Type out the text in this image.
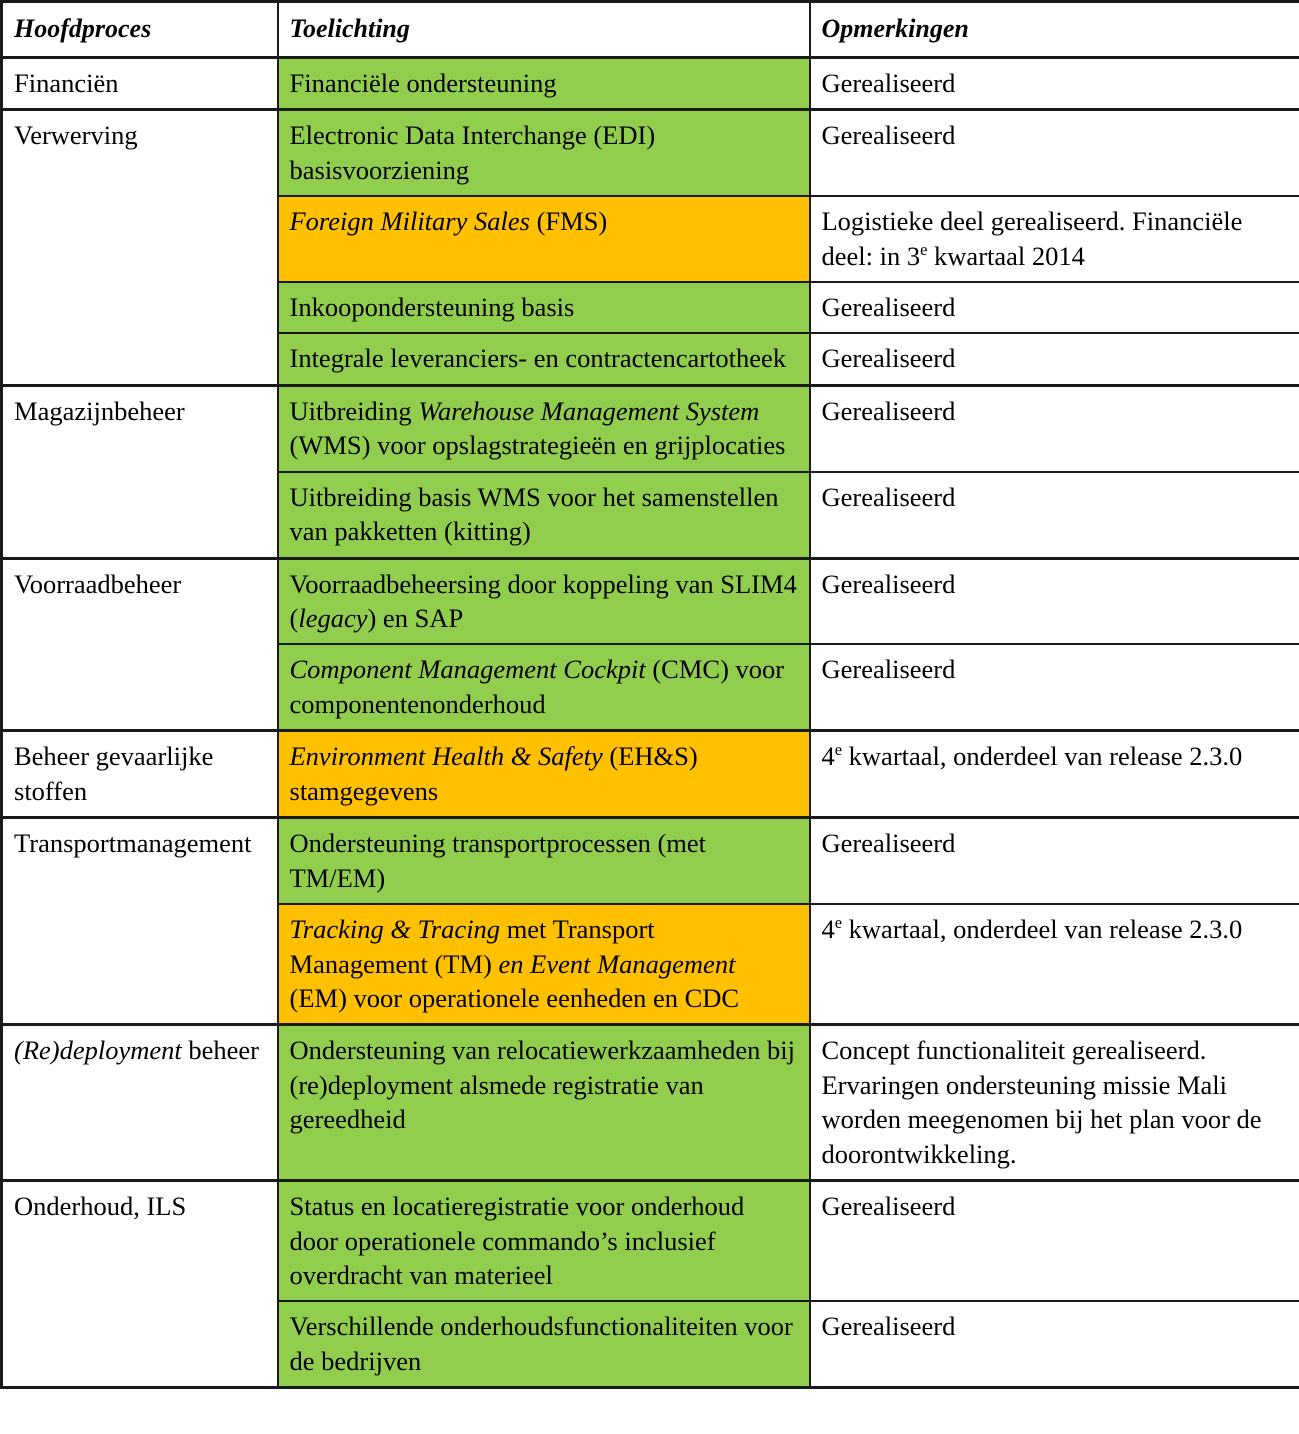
Hoofdproces	Toelichting	Opmerkingen
Financiën	Financiële ondersteuning	Gerealiseerd
Verwerving	Electronic Data Interchange (EDI) basisvoorziening	Gerealiseerd
	Foreign Military Sales (FMS)	Logistieke deel gerealiseerd. Financiële deel: in 3e kwartaal 2014
	Inkoopondersteuning basis	Gerealiseerd
	Integrale leveranciers- en contractencartotheek	Gerealiseerd
Magazijnbeheer	Uitbreiding Warehouse Management System (WMS) voor opslagstrategieën en grijplocaties	Gerealiseerd
	Uitbreiding basis WMS voor het samenstellen van pakketten (kitting)	Gerealiseerd
Voorraadbeheer	Voorraadbeheersing door koppeling van SLIM4 (legacy) en SAP	Gerealiseerd
	Component Management Cockpit (CMC) voor componentenonderhoud	Gerealiseerd
Beheer gevaarlijke stoffen	Environment Health & Safety (EH&S) stamgegevens	4e kwartaal, onderdeel van release 2.3.0
Transportmanagement	Ondersteuning transportprocessen (met TM/EM)	Gerealiseerd
	Tracking & Tracing met Transport Management (TM) en Event Management (EM) voor operationele eenheden en CDC	4e kwartaal, onderdeel van release 2.3.0
(Re)deployment beheer	Ondersteuning van relocatiewerkzaamheden bij (re)deployment alsmede registratie van gereedheid	Concept functionaliteit gerealiseerd. Ervaringen ondersteuning missie Mali worden meegenomen bij het plan voor de doorontwikkeling.
Onderhoud, ILS	Status en locatieregistratie voor onderhoud door operationele commando’s inclusief overdracht van materieel	Gerealiseerd
	Verschillende onderhoudsfunctionaliteiten voor de bedrijven	Gerealiseerd
